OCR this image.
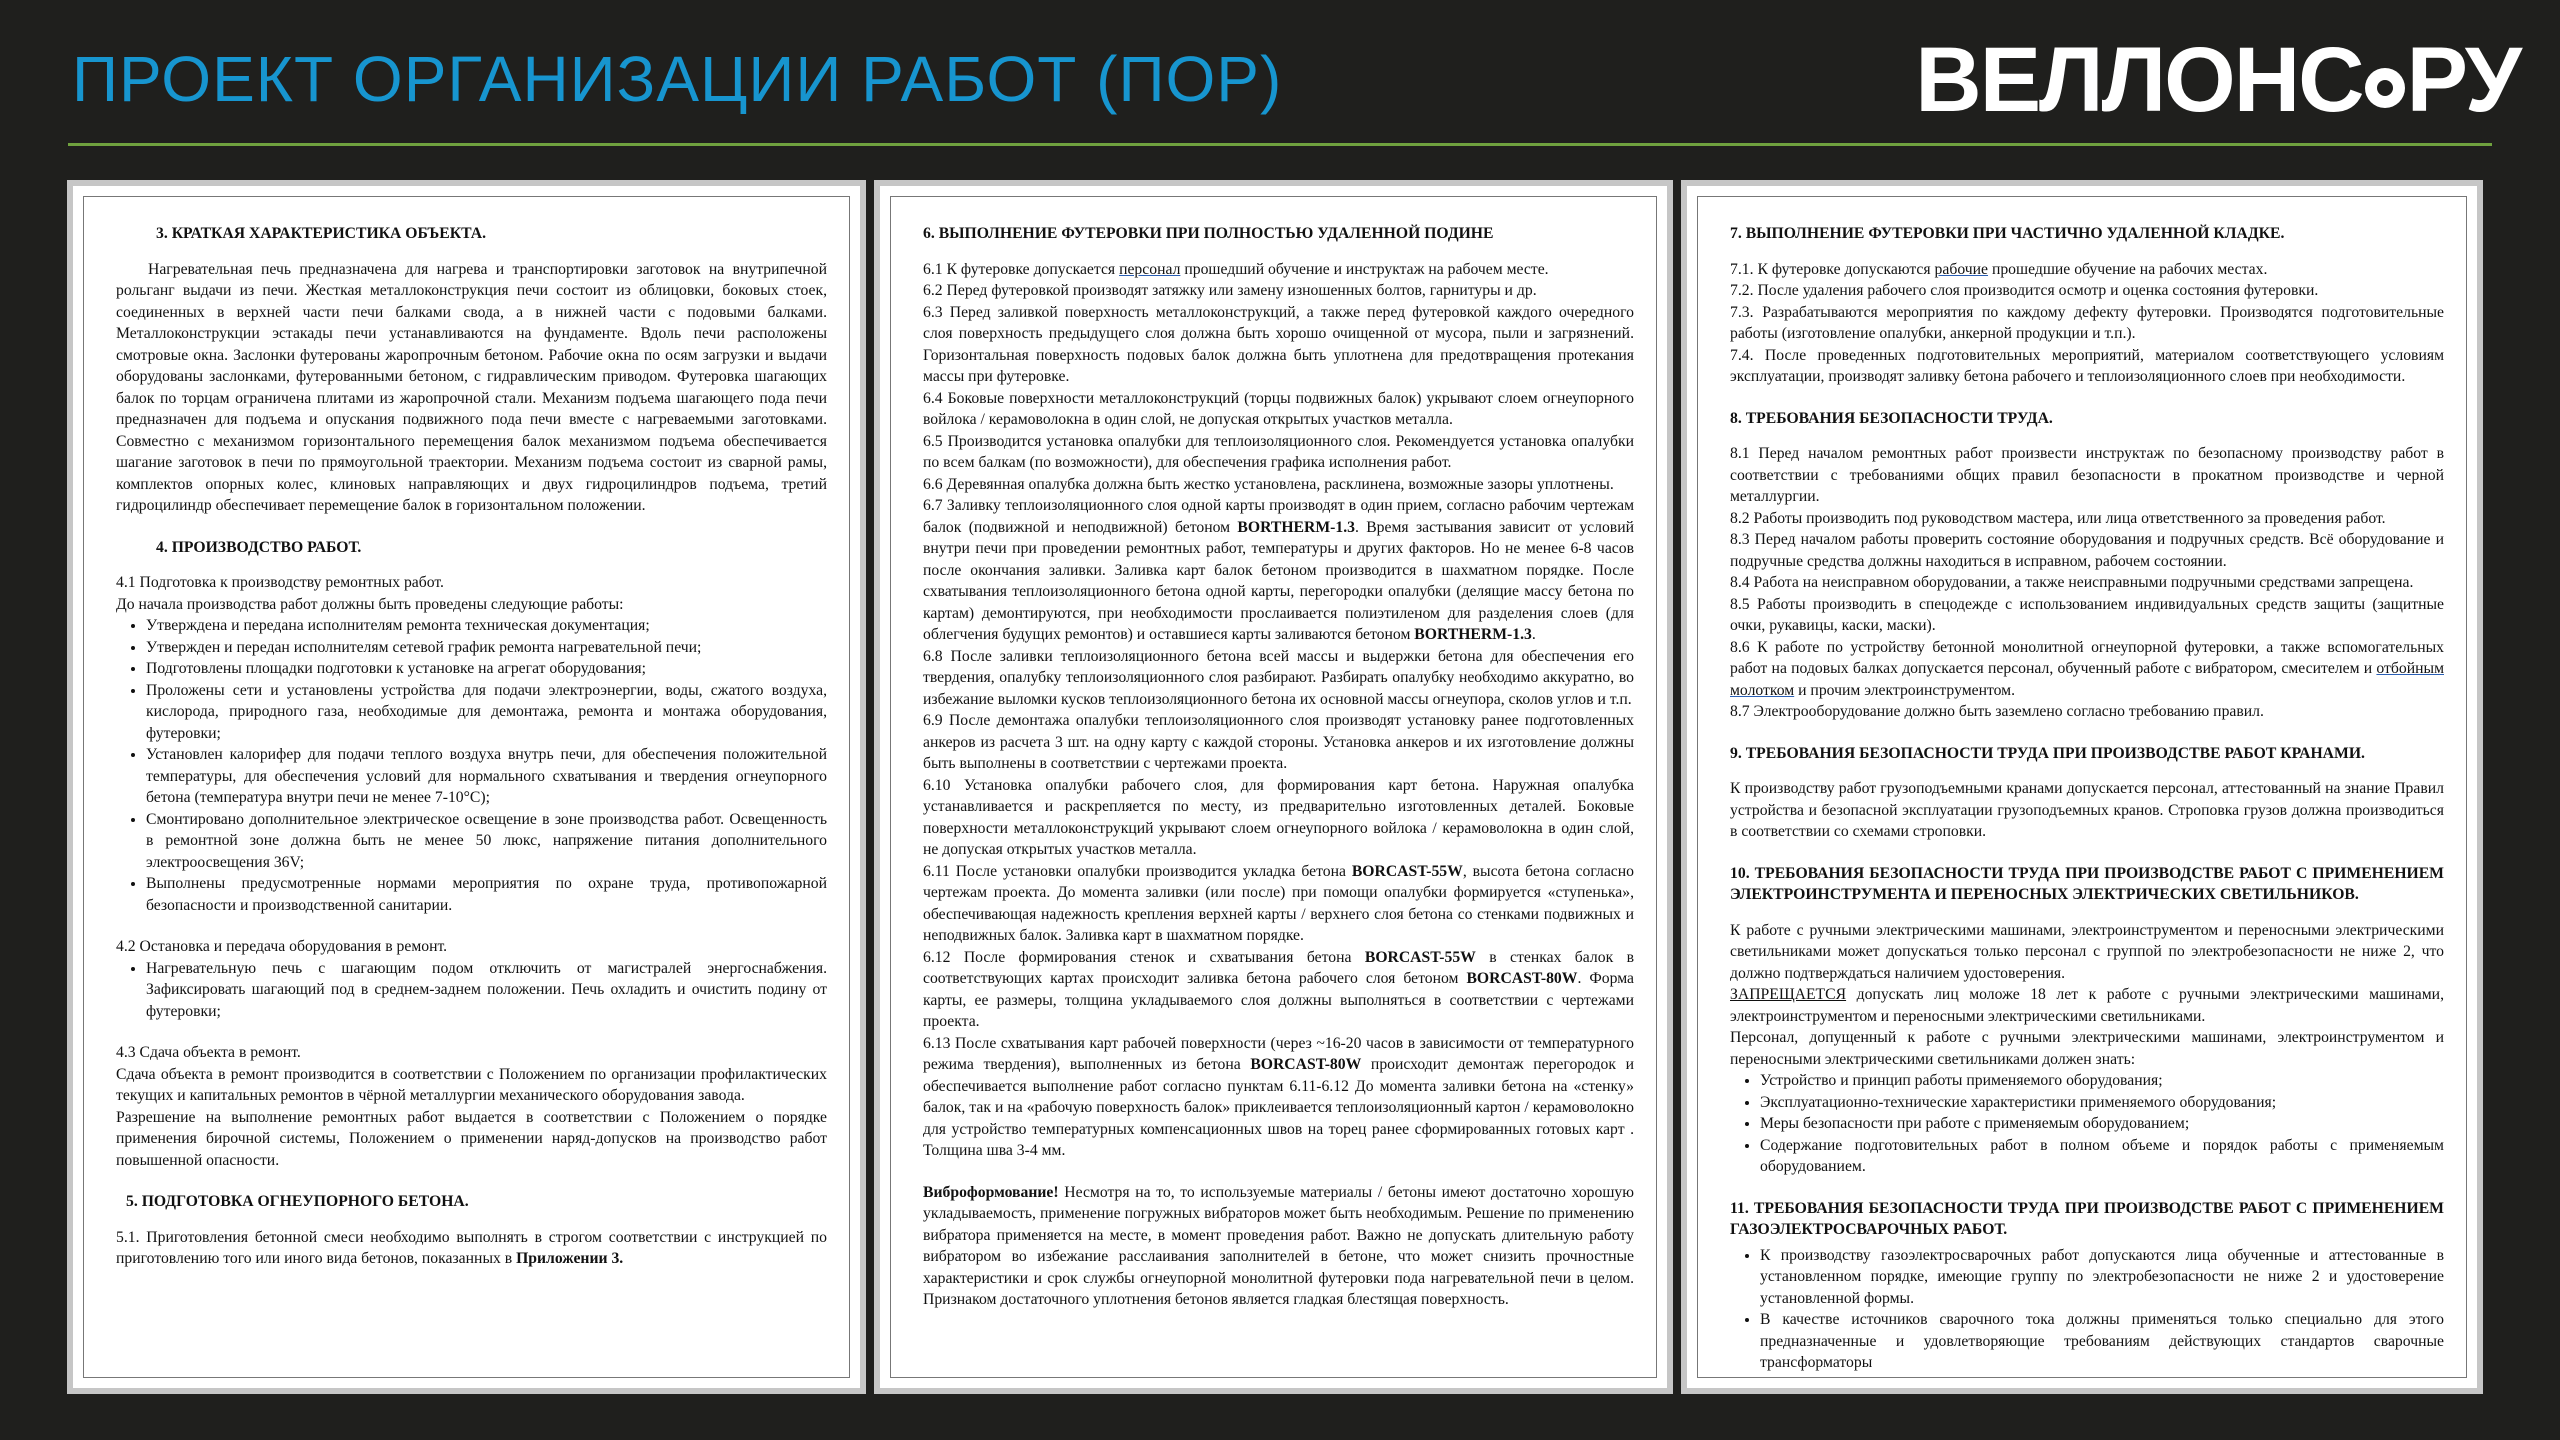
ПРОЕКТ ОРГАНИЗАЦИИ РАБОТ (ПОР)	ВЕЛЛОНС РУ

3. КРАТКАЯ ХАРАКТЕРИСТИКА ОБЪЕКТА.

Нагревательная печь предназначена для нагрева и транспортировки заготовок на внутрипечной рольганг выдачи из печи. Жесткая металлоконструкция печи состоит из облицовки, боковых стоек, соединенных в верхней части печи балками свода, а в нижней части с подовыми балками. Металлоконструкции эстакады печи устанавливаются на фундаменте. Вдоль печи расположены смотровые окна. Заслонки футерованы жаропрочным бетоном. Рабочие окна по осям загрузки и выдачи оборудованы заслонками, футерованными бетоном, с гидравлическим приводом. Футеровка шагающих балок по торцам ограничена плитами из жаропрочной стали. Механизм подъема шагающего пода печи предназначен для подъема и опускания подвижного пода печи вместе с нагреваемыми заготовками. Совместно с механизмом горизонтального перемещения балок механизмом подъема обеспечивается шагание заготовок в печи по прямоугольной траектории. Механизм подъема состоит из сварной рамы, комплектов опорных колес, клиновых направляющих и двух гидроцилиндров подъема, третий гидроцилиндр обеспечивает перемещение балок в горизонтальном положении.

4. ПРОИЗВОДСТВО РАБОТ.

4.1 Подготовка к производству ремонтных работ.

До начала производства работ должны быть проведены следующие работы:

• Утверждена и передана исполнителям ремонта техническая документация;
• Утвержден и передан исполнителям сетевой график ремонта нагревательной печи;
• Подготовлены площадки подготовки к установке на агрегат оборудования;
• Проложены сети и установлены устройства для подачи электроэнергии, воды, сжатого воздуха, кислорода, природного газа, необходимые для демонтажа, ремонта и монтажа оборудования, футеровки;
• Установлен калорифер для подачи теплого воздуха внутрь печи, для обеспечения положительной температуры, для обеспечения условий для нормального схватывания и твердения огнеупорного бетона (температура внутри печи не менее 7-10°С);
• Смонтировано дополнительное электрическое освещение в зоне производства работ. Освещенность в ремонтной зоне должна быть не менее 50 люкс, напряжение питания дополнительного электроосвещения 36V;
• Выполнены предусмотренные нормами мероприятия по охране труда, противопожарной безопасности и производственной санитарии.

4.2 Остановка и передача оборудования в ремонт.

• Нагревательную печь с шагающим подом отключить от магистралей энергоснабжения. Зафиксировать шагающий под в среднем-заднем положении. Печь охладить и очистить подину от футеровки;

4.3 Сдача объекта в ремонт.

Сдача объекта в ремонт производится в соответствии с Положением по организации профилактических текущих и капитальных ремонтов в чёрной металлургии механического оборудования завода.

Разрешение на выполнение ремонтных работ выдается в соответствии с Положением о порядке применения бирочной системы, Положением о применении наряд-допусков на производство работ повышенной опасности.

5. ПОДГОТОВКА ОГНЕУПОРНОГО БЕТОНА.

5.1. Приготовления бетонной смеси необходимо выполнять в строгом соответствии с инструкцией по приготовлению того или иного вида бетонов, показанных в Приложении 3.

6. ВЫПОЛНЕНИЕ ФУТЕРОВКИ ПРИ ПОЛНОСТЬЮ УДАЛЕННОЙ ПОДИНЕ

6.1 К футеровке допускается персонал прошедший обучение и инструктаж на рабочем месте.

6.2 Перед футеровкой производят затяжку или замену изношенных болтов, гарнитуры и др.

6.3 Перед заливкой поверхность металлоконструкций, а также перед футеровкой каждого очередного слоя поверхность предыдущего слоя должна быть хорошо очищенной от мусора, пыли и загрязнений. Горизонтальная поверхность подовых балок должна быть уплотнена для предотвращения протекания массы при футеровке.

6.4 Боковые поверхности металлоконструкций (торцы подвижных балок) укрывают слоем огнеупорного войлока / керамоволокна в один слой, не допуская открытых участков металла.

6.5 Производится установка опалубки для теплоизоляционного слоя. Рекомендуется установка опалубки по всем балкам (по возможности), для обеспечения графика исполнения работ.

6.6 Деревянная опалубка должна быть жестко установлена, расклинена, возможные зазоры уплотнены.

6.7 Заливку теплоизоляционного слоя одной карты производят в один прием, согласно рабочим чертежам балок (подвижной и неподвижной) бетоном BORTHERM-1.3. Время застывания зависит от условий внутри печи при проведении ремонтных работ, температуры и других факторов. Но не менее 6-8 часов после окончания заливки. Заливка карт балок бетоном производится в шахматном порядке. После схватывания теплоизоляционного бетона одной карты, перегородки опалубки (делящие массу бетона по картам) демонтируются, при необходимости прослаивается полиэтиленом для разделения слоев (для облегчения будущих ремонтов) и оставшиеся карты заливаются бетоном BORTHERM-1.3.

6.8 После заливки теплоизоляционного бетона всей массы и выдержки бетона для обеспечения его твердения, опалубку теплоизоляционного слоя разбирают. Разбирать опалубку необходимо аккуратно, во избежание выломки кусков теплоизоляционного бетона их основной массы огнеупора, сколов углов и т.п.

6.9 После демонтажа опалубки теплоизоляционного слоя производят установку ранее подготовленных анкеров из расчета 3 шт. на одну карту с каждой стороны. Установка анкеров и их изготовление должны быть выполнены в соответствии с чертежами проекта.

6.10 Установка опалубки рабочего слоя, для формирования карт бетона. Наружная опалубка устанавливается и раскрепляется по месту, из предварительно изготовленных деталей. Боковые поверхности металлоконструкций укрывают слоем огнеупорного войлока / керамоволокна в один слой, не допуская открытых участков металла.

6.11 После установки опалубки производится укладка бетона BORCAST-55W, высота бетона согласно чертежам проекта. До момента заливки (или после) при помощи опалубки формируется «ступенька», обеспечивающая надежность крепления верхней карты / верхнего слоя бетона со стенками подвижных и неподвижных балок. Заливка карт в шахматном порядке.

6.12 После формирования стенок и схватывания бетона BORCAST-55W в стенках балок в соответствующих картах происходит заливка бетона рабочего слоя бетоном BORCAST-80W. Форма карты, ее размеры, толщина укладываемого слоя должны выполняться в соответствии с чертежами проекта.

6.13 После схватывания карт рабочей поверхности (через ~16-20 часов в зависимости от температурного режима твердения), выполненных из бетона BORCAST-80W происходит демонтаж перегородок и обеспечивается выполнение работ согласно пунктам 6.11-6.12 До момента заливки бетона на «стенку» балок, так и на «рабочую поверхность балок» приклеивается теплоизоляционный картон / керамоволокно для устройство температурных компенсационных швов на торец ранее сформированных готовых карт . Толщина шва 3-4 мм.

Виброформование! Несмотря на то, то используемые материалы / бетоны имеют достаточно хорошую укладываемость, применение погружных вибраторов может быть необходимым. Решение по применению вибратора применяется на месте, в момент проведения работ. Важно не допускать длительную работу вибратором во избежание расслаивания заполнителей в бетоне, что может снизить прочностные характеристики и срок службы огнеупорной монолитной футеровки пода нагревательной печи в целом. Признаком достаточного уплотнения бетонов является гладкая блестящая поверхность.

7. ВЫПОЛНЕНИЕ ФУТЕРОВКИ ПРИ ЧАСТИЧНО УДАЛЕННОЙ КЛАДКЕ.

7.1. К футеровке допускаются рабочие прошедшие обучение на рабочих местах.

7.2. После удаления рабочего слоя производится осмотр и оценка состояния футеровки.

7.3. Разрабатываются мероприятия по каждому дефекту футеровки. Производятся подготовительные работы (изготовление опалубки, анкерной продукции и т.п.).

7.4. После проведенных подготовительных мероприятий, материалом соответствующего условиям эксплуатации, производят заливку бетона рабочего и теплоизоляционного слоев при необходимости.

8. ТРЕБОВАНИЯ БЕЗОПАСНОСТИ ТРУДА.

8.1 Перед началом ремонтных работ произвести инструктаж по безопасному производству работ в соответствии с требованиями общих правил безопасности в прокатном производстве и черной металлургии.

8.2 Работы производить под руководством мастера, или лица ответственного за проведения работ.

8.3 Перед началом работы проверить состояние оборудования и подручных средств. Всё оборудование и подручные средства должны находиться в исправном, рабочем состоянии.

8.4 Работа на неисправном оборудовании, а также неисправными подручными средствами запрещена.

8.5 Работы производить в спецодежде с использованием индивидуальных средств защиты (защитные очки, рукавицы, каски, маски).

8.6 К работе по устройству бетонной монолитной огнеупорной футеровки, а также вспомогательных работ на подовых балках допускается персонал, обученный работе с вибратором, смесителем и отбойным молотком и прочим электроинструментом.

8.7 Электрооборудование должно быть заземлено согласно требованию правил.

9. ТРЕБОВАНИЯ БЕЗОПАСНОСТИ ТРУДА ПРИ ПРОИЗВОДСТВЕ РАБОТ КРАНАМИ.

К производству работ грузоподъемными кранами допускается персонал, аттестованный на знание Правил устройства и безопасной эксплуатации грузоподъемных кранов. Строповка грузов должна производиться в соответствии со схемами строповки.

10. ТРЕБОВАНИЯ БЕЗОПАСНОСТИ ТРУДА ПРИ ПРОИЗВОДСТВЕ РАБОТ С ПРИМЕНЕНИЕМ ЭЛЕКТРОИНСТРУМЕНТА И ПЕРЕНОСНЫХ ЭЛЕКТРИЧЕСКИХ СВЕТИЛЬНИКОВ.

К работе с ручными электрическими машинами, электроинструментом и переносными электрическими светильниками может допускаться только персонал с группой по электробезопасности не ниже 2, что должно подтверждаться наличием удостоверения.

ЗАПРЕЩАЕТСЯ допускать лиц моложе 18 лет к работе с ручными электрическими машинами, электроинструментом и переносными электрическими светильниками.

Персонал, допущенный к работе с ручными электрическими машинами, электроинструментом и переносными электрическими светильниками должен знать:

• Устройство и принцип работы применяемого оборудования;
• Эксплуатационно-технические характеристики применяемого оборудования;
• Меры безопасности при работе с применяемым оборудованием;
• Содержание подготовительных работ в полном объеме и порядок работы с применяемым оборудованием.

11. ТРЕБОВАНИЯ БЕЗОПАСНОСТИ ТРУДА ПРИ ПРОИЗВОДСТВЕ РАБОТ С ПРИМЕНЕНИЕМ ГАЗОЭЛЕКТРОСВАРОЧНЫХ РАБОТ.

• К производству газоэлектросварочных работ допускаются лица обученные и аттестованные в установленном порядке, имеющие группу по электробезопасности не ниже 2 и удостоверение установленной формы.
• В качестве источников сварочного тока должны применяться только специально для этого предназначенные и удовлетворяющие требованиям действующих стандартов сварочные трансформаторы
